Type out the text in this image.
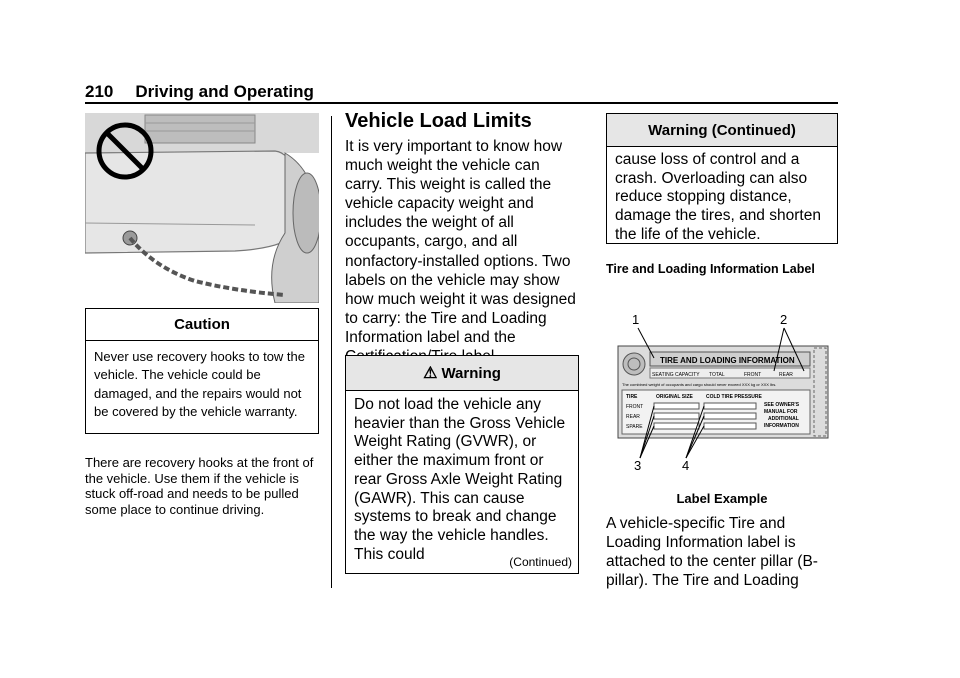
210 Driving and Operating
Caution
Never use recovery hooks to tow the vehicle. The vehicle could be damaged, and the repairs would not be covered by the vehicle warranty.
There are recovery hooks at the front of the vehicle. Use them if the vehicle is stuck off-road and needs to be pulled some place to continue driving.
Vehicle Load Limits
It is very important to know how much weight the vehicle can carry. This weight is called the vehicle capacity weight and includes the weight of all occupants, cargo, and all nonfactory-installed options. Two labels on the vehicle may show how much weight it was designed to carry: the Tire and Loading Information label and the
⚠ Warning
Do not load the vehicle any heavier than the Gross Vehicle Weight Rating (GVWR), or either the maximum front or rear Gross Axle Weight Rating (GAWR). This can cause systems to break and change the way the vehicle handles. This could	(Continued)
Warning (Continued)
cause loss of control and a crash. Overloading can also reduce stopping distance, damage the tires, and shorten the life of the vehicle.
Tire and Loading Information Label
1	2
3	4
TIRE AND LOADING INFORMATION
SEATING CAPACITY TOTAL	FRONT	REAR
The combined weight of occupants and cargo should never exceed XXX kg or XXX lbs.
TIRE	ORIGINAL SIZE	COLD TIRE PRESSURE
FRONT
REAR
SPARE
SEE OWNER'S
MANUAL FOR
ADDITIONAL
INFORMATION
Label Example
A vehicle-specific Tire and Loading Information label is attached to the center pillar (B-pillar). The Tire and Loading
